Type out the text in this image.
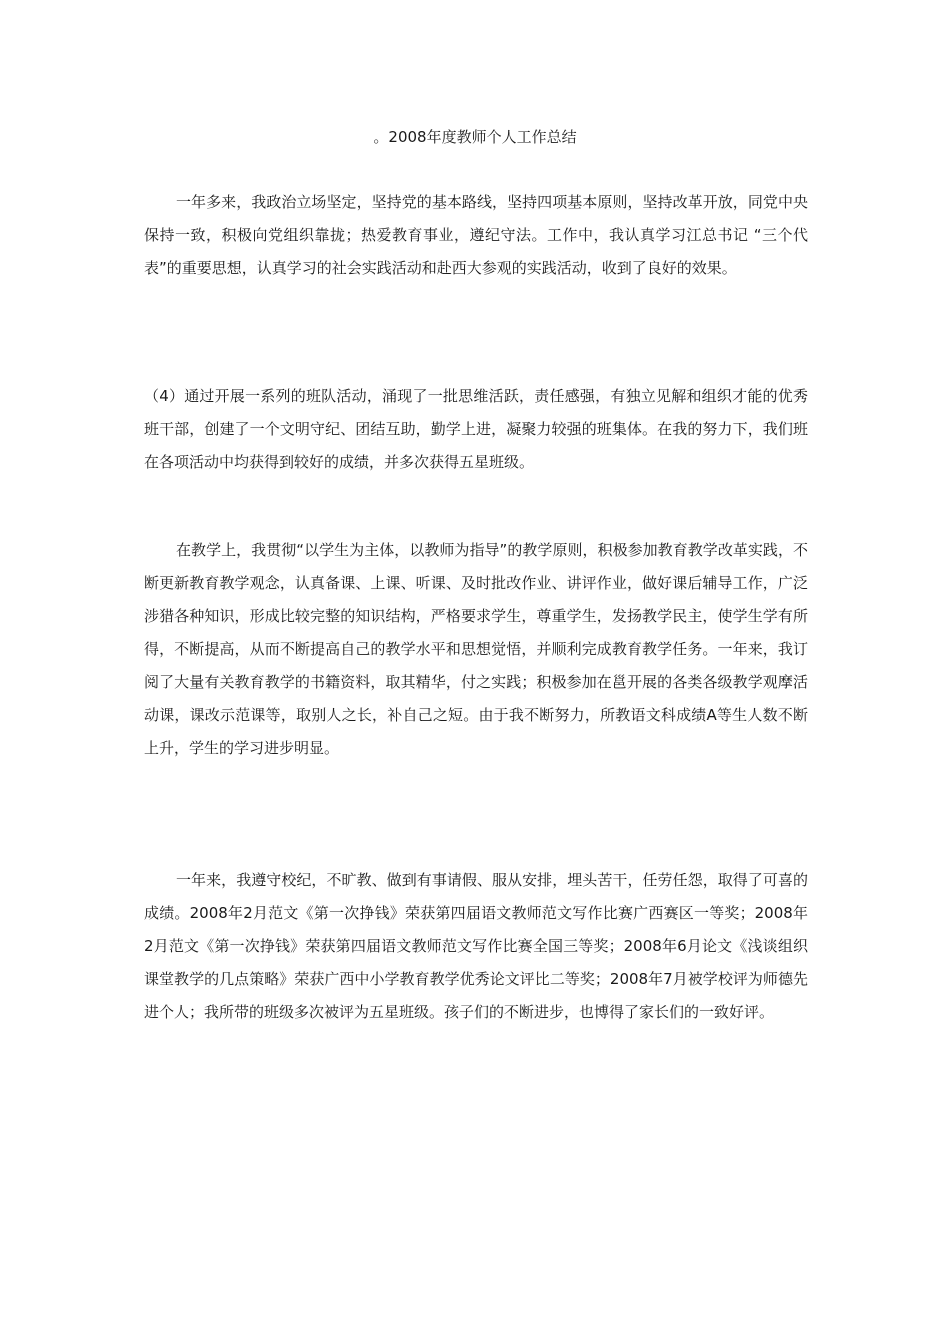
。2008年度教师个人工作总结

一年多来，我政治立场坚定，坚持党的基本路线，坚持四项基本原则，坚持改革开放，同党中央保持一致，积极向党组织靠拢；热爱教育事业，遵纪守法。工作中，我认真学习江总书记 “三个代表”的重要思想，认真学习的社会实践活动和赴西大参观的实践活动，收到了良好的效果。

（4）通过开展一系列的班队活动，涌现了一批思维活跃，责任感强，有独立见解和组织才能的优秀班干部，创建了一个文明守纪、团结互助，勤学上进，凝聚力较强的班集体。在我的努力下，我们班在各项活动中均获得到较好的成绩，并多次获得五星班级。

在教学上，我贯彻“以学生为主体，以教师为指导”的教学原则，积极参加教育教学改革实践，不断更新教育教学观念，认真备课、上课、听课、及时批改作业、讲评作业，做好课后辅导工作，广泛涉猎各种知识，形成比较完整的知识结构，严格要求学生，尊重学生，发扬教学民主，使学生学有所得，不断提高，从而不断提高自己的教学水平和思想觉悟，并顺利完成教育教学任务。一年来，我订阅了大量有关教育教学的书籍资料，取其精华，付之实践；积极参加在邕开展的各类各级教学观摩活动课，课改示范课等，取别人之长，补自己之短。由于我不断努力，所教语文科成绩A等生人数不断上升，学生的学习进步明显。

一年来，我遵守校纪，不旷教、做到有事请假、服从安排，埋头苦干，任劳任怨，取得了可喜的成绩。2008年2月范文《第一次挣钱》荣获第四届语文教师范文写作比赛广西赛区一等奖；2008年2月范文《第一次挣钱》荣获第四届语文教师范文写作比赛全国三等奖；2008年6月论文《浅谈组织课堂教学的几点策略》荣获广西中小学教育教学优秀论文评比二等奖；2008年7月被学校评为师德先进个人；我所带的班级多次被评为五星班级。孩子们的不断进步，也博得了家长们的一致好评。
